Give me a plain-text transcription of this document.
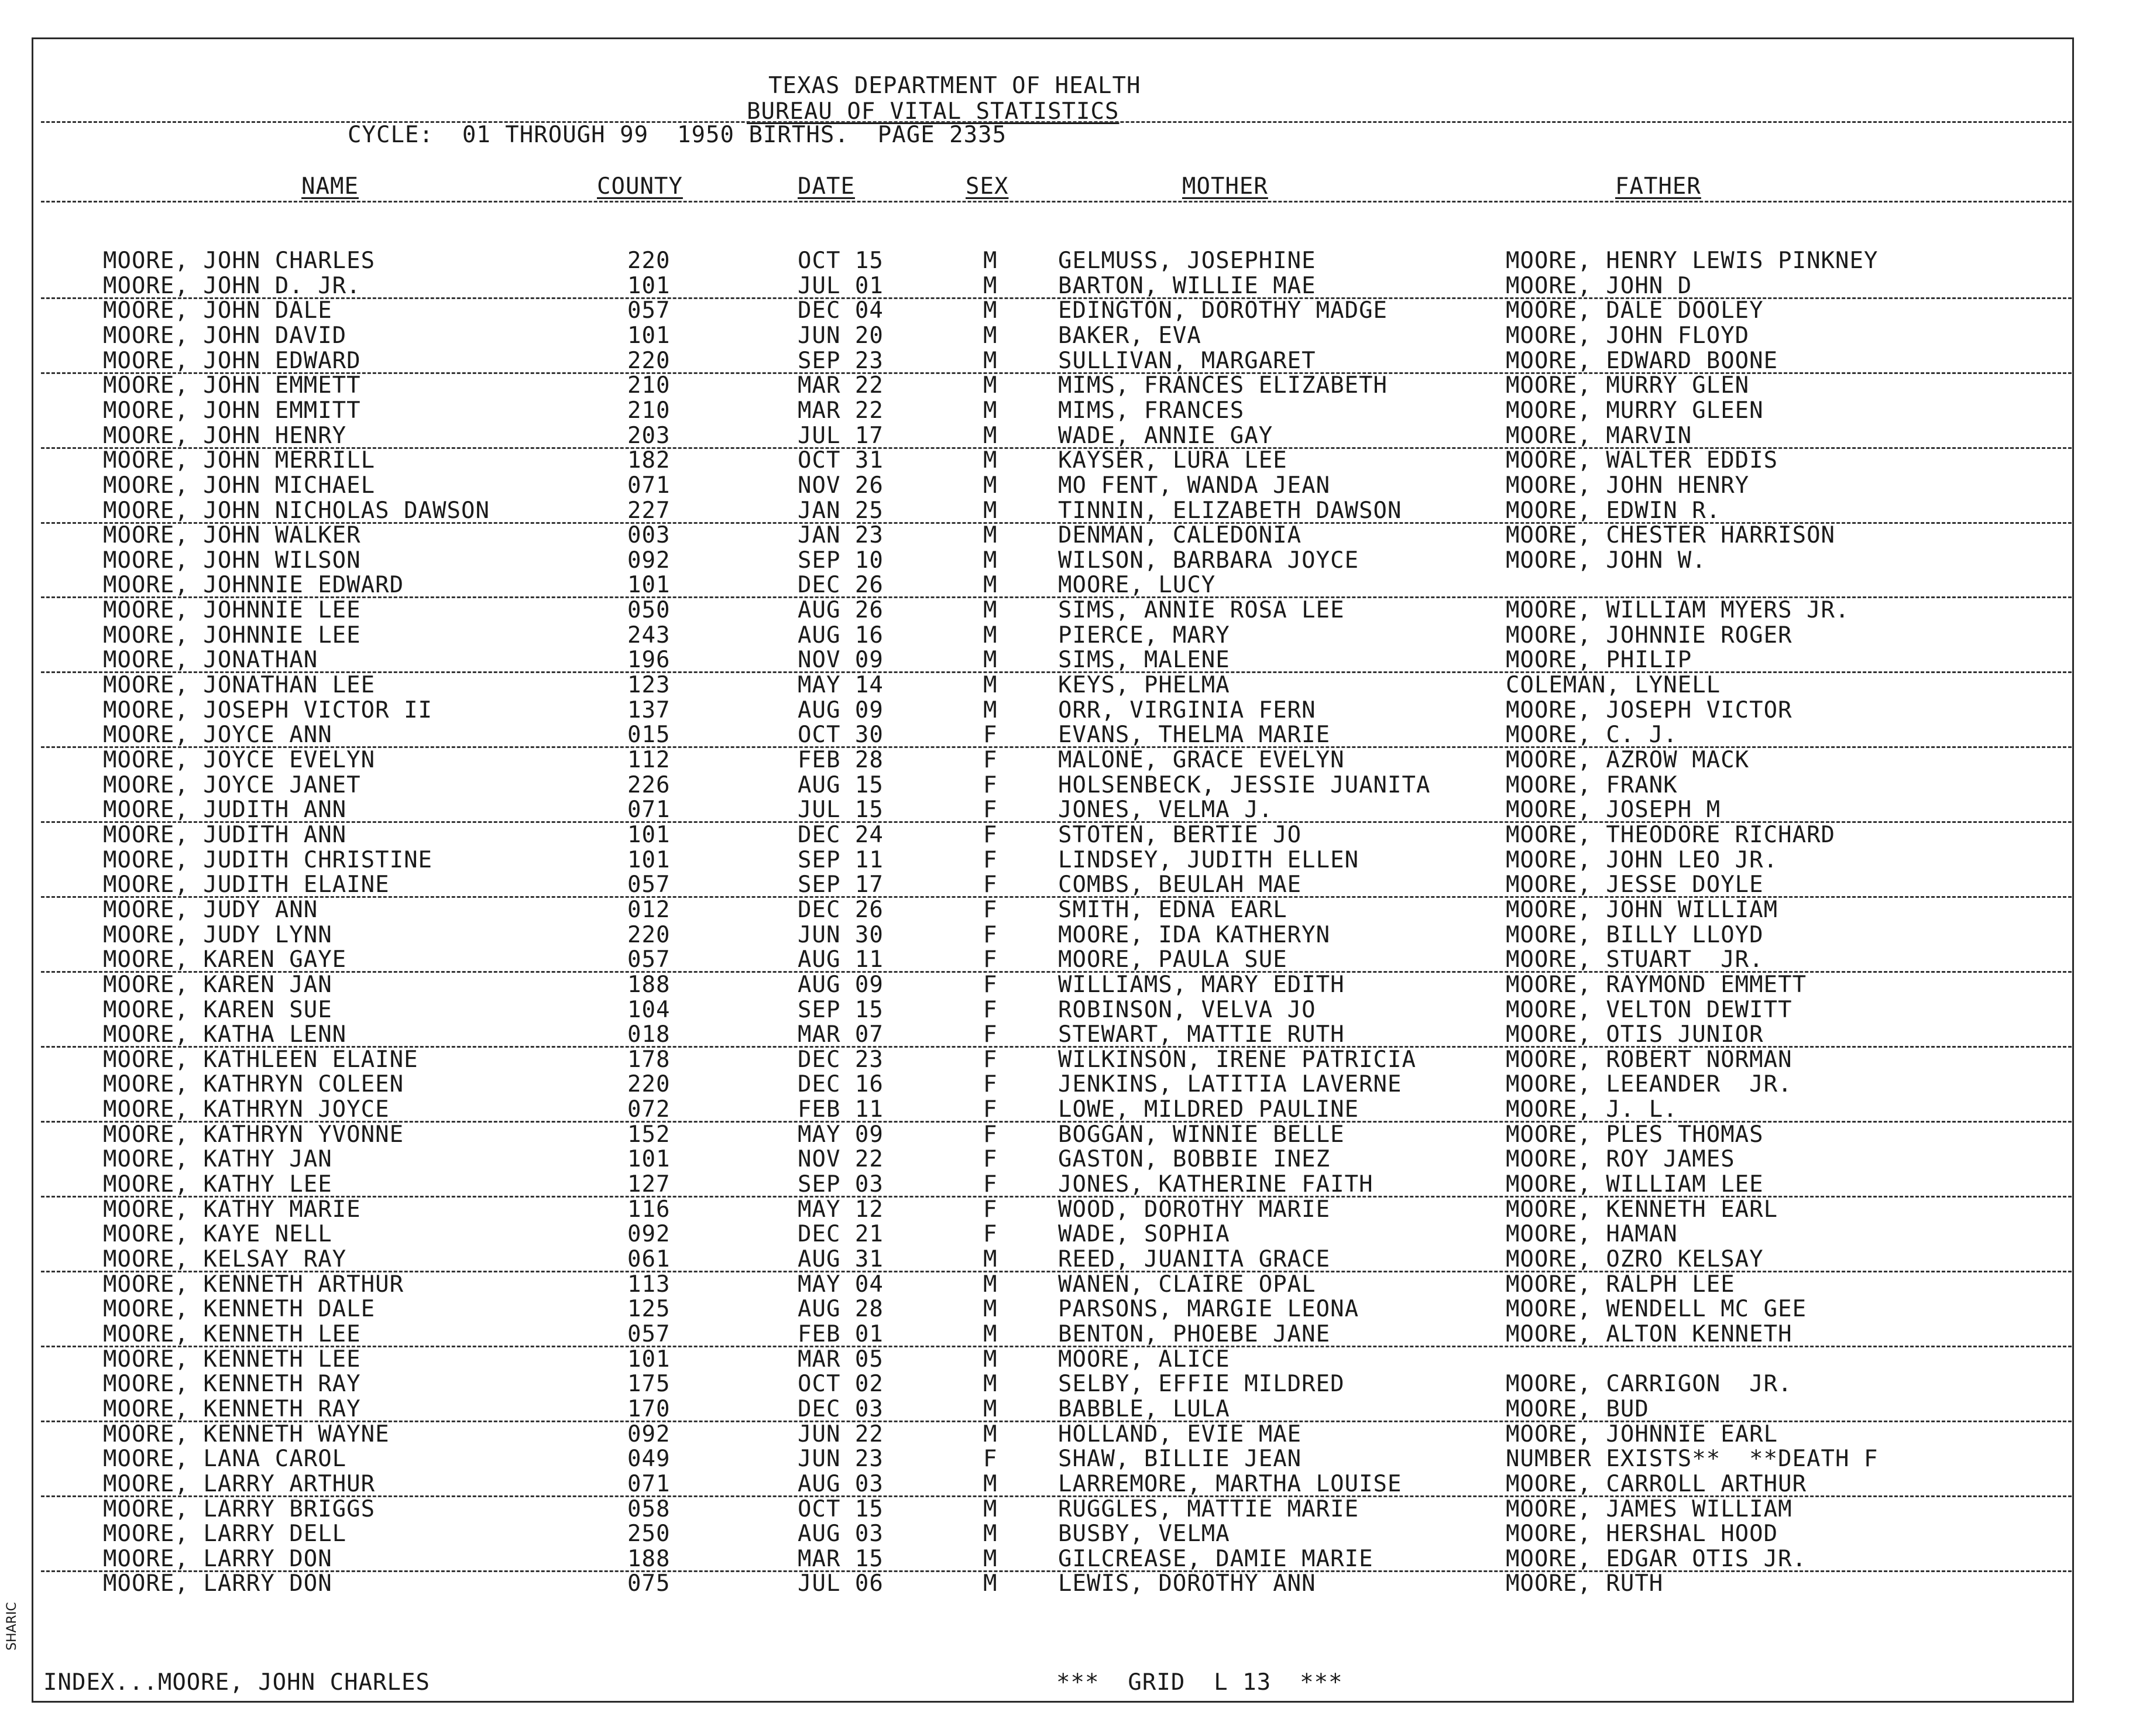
TEXAS DEPARTMENT OF HEALTH
BUREAU OF VITAL STATISTICS
CYCLE:  01 THROUGH 99  1950 BIRTHS.  PAGE 2335
NAME	COUNTY	DATE	SEX	MOTHER	FATHER
MOORE, JOHN CHARLES	220	OCT 15	M	GELMUSS, JOSEPHINE	MOORE, HENRY LEWIS PINKNEY
MOORE, JOHN D. JR.	101	JUL 01	M	BARTON, WILLIE MAE	MOORE, JOHN D
MOORE, JOHN DALE	057	DEC 04	M	EDINGTON, DOROTHY MADGE	MOORE, DALE DOOLEY
MOORE, JOHN DAVID	101	JUN 20	M	BAKER, EVA	MOORE, JOHN FLOYD
MOORE, JOHN EDWARD	220	SEP 23	M	SULLIVAN, MARGARET	MOORE, EDWARD BOONE
MOORE, JOHN EMMETT	210	MAR 22	M	MIMS, FRANCES ELIZABETH	MOORE, MURRY GLEN
MOORE, JOHN EMMITT	210	MAR 22	M	MIMS, FRANCES	MOORE, MURRY GLEEN
MOORE, JOHN HENRY	203	JUL 17	M	WADE, ANNIE GAY	MOORE, MARVIN
MOORE, JOHN MERRILL	182	OCT 31	M	KAYSER, LURA LEE	MOORE, WALTER EDDIS
MOORE, JOHN MICHAEL	071	NOV 26	M	MO FENT, WANDA JEAN	MOORE, JOHN HENRY
MOORE, JOHN NICHOLAS DAWSON	227	JAN 25	M	TINNIN, ELIZABETH DAWSON	MOORE, EDWIN R.
MOORE, JOHN WALKER	003	JAN 23	M	DENMAN, CALEDONIA	MOORE, CHESTER HARRISON
MOORE, JOHN WILSON	092	SEP 10	M	WILSON, BARBARA JOYCE	MOORE, JOHN W.
MOORE, JOHNNIE EDWARD	101	DEC 26	M	MOORE, LUCY
MOORE, JOHNNIE LEE	050	AUG 26	M	SIMS, ANNIE ROSA LEE	MOORE, WILLIAM MYERS JR.
MOORE, JOHNNIE LEE	243	AUG 16	M	PIERCE, MARY	MOORE, JOHNNIE ROGER
MOORE, JONATHAN	196	NOV 09	M	SIMS, MALENE	MOORE, PHILIP
MOORE, JONATHAN LEE	123	MAY 14	M	KEYS, PHELMA	COLEMAN, LYNELL
MOORE, JOSEPH VICTOR II	137	AUG 09	M	ORR, VIRGINIA FERN	MOORE, JOSEPH VICTOR
MOORE, JOYCE ANN	015	OCT 30	F	EVANS, THELMA MARIE	MOORE, C. J.
MOORE, JOYCE EVELYN	112	FEB 28	F	MALONE, GRACE EVELYN	MOORE, AZROW MACK
MOORE, JOYCE JANET	226	AUG 15	F	HOLSENBECK, JESSIE JUANITA	MOORE, FRANK
MOORE, JUDITH ANN	071	JUL 15	F	JONES, VELMA J.	MOORE, JOSEPH M
MOORE, JUDITH ANN	101	DEC 24	F	STOTEN, BERTIE JO	MOORE, THEODORE RICHARD
MOORE, JUDITH CHRISTINE	101	SEP 11	F	LINDSEY, JUDITH ELLEN	MOORE, JOHN LEO JR.
MOORE, JUDITH ELAINE	057	SEP 17	F	COMBS, BEULAH MAE	MOORE, JESSE DOYLE
MOORE, JUDY ANN	012	DEC 26	F	SMITH, EDNA EARL	MOORE, JOHN WILLIAM
MOORE, JUDY LYNN	220	JUN 30	F	MOORE, IDA KATHERYN	MOORE, BILLY LLOYD
MOORE, KAREN GAYE	057	AUG 11	F	MOORE, PAULA SUE	MOORE, STUART  JR.
MOORE, KAREN JAN	188	AUG 09	F	WILLIAMS, MARY EDITH	MOORE, RAYMOND EMMETT
MOORE, KAREN SUE	104	SEP 15	F	ROBINSON, VELVA JO	MOORE, VELTON DEWITT
MOORE, KATHA LENN	018	MAR 07	F	STEWART, MATTIE RUTH	MOORE, OTIS JUNIOR
MOORE, KATHLEEN ELAINE	178	DEC 23	F	WILKINSON, IRENE PATRICIA	MOORE, ROBERT NORMAN
MOORE, KATHRYN COLEEN	220	DEC 16	F	JENKINS, LATITIA LAVERNE	MOORE, LEEANDER  JR.
MOORE, KATHRYN JOYCE	072	FEB 11	F	LOWE, MILDRED PAULINE	MOORE, J. L.
MOORE, KATHRYN YVONNE	152	MAY 09	F	BOGGAN, WINNIE BELLE	MOORE, PLES THOMAS
MOORE, KATHY JAN	101	NOV 22	F	GASTON, BOBBIE INEZ	MOORE, ROY JAMES
MOORE, KATHY LEE	127	SEP 03	F	JONES, KATHERINE FAITH	MOORE, WILLIAM LEE
MOORE, KATHY MARIE	116	MAY 12	F	WOOD, DOROTHY MARIE	MOORE, KENNETH EARL
MOORE, KAYE NELL	092	DEC 21	F	WADE, SOPHIA	MOORE, HAMAN
MOORE, KELSAY RAY	061	AUG 31	M	REED, JUANITA GRACE	MOORE, OZRO KELSAY
MOORE, KENNETH ARTHUR	113	MAY 04	M	WANEN, CLAIRE OPAL	MOORE, RALPH LEE
MOORE, KENNETH DALE	125	AUG 28	M	PARSONS, MARGIE LEONA	MOORE, WENDELL MC GEE
MOORE, KENNETH LEE	057	FEB 01	M	BENTON, PHOEBE JANE	MOORE, ALTON KENNETH
MOORE, KENNETH LEE	101	MAR 05	M	MOORE, ALICE
MOORE, KENNETH RAY	175	OCT 02	M	SELBY, EFFIE MILDRED	MOORE, CARRIGON  JR.
MOORE, KENNETH RAY	170	DEC 03	M	BABBLE, LULA	MOORE, BUD
MOORE, KENNETH WAYNE	092	JUN 22	M	HOLLAND, EVIE MAE	MOORE, JOHNNIE EARL
MOORE, LANA CAROL	049	JUN 23	F	SHAW, BILLIE JEAN	NUMBER EXISTS**  **DEATH F
MOORE, LARRY ARTHUR	071	AUG 03	M	LARREMORE, MARTHA LOUISE	MOORE, CARROLL ARTHUR
MOORE, LARRY BRIGGS	058	OCT 15	M	RUGGLES, MATTIE MARIE	MOORE, JAMES WILLIAM
MOORE, LARRY DELL	250	AUG 03	M	BUSBY, VELMA	MOORE, HERSHAL HOOD
MOORE, LARRY DON	188	MAR 15	M	GILCREASE, DAMIE MARIE	MOORE, EDGAR OTIS JR.
MOORE, LARRY DON	075	JUL 06	M	LEWIS, DOROTHY ANN	MOORE, RUTH
INDEX...MOORE, JOHN CHARLES	***  GRID  L 13  ***
SHARIC
